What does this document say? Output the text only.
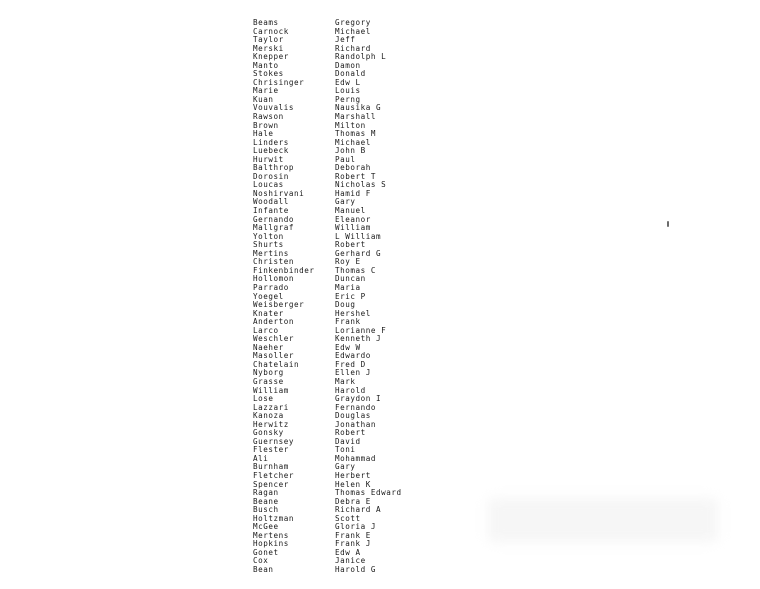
Beams	Gregory
Carnock	Michael
Taylor	Jeff
Merski	Richard
Knepper	Randolph L
Manto	Damon
Stokes	Donald
Chrisinger	Edw L
Marie	Louis
Kuan	Perng
Vouvalis	Nausika G
Rawson	Marshall
Brown	Milton
Hale	Thomas M
Linders	Michael
Luebeck	John B
Hurwit	Paul
Balthrop	Deborah
Dorosin	Robert T
Loucas	Nicholas S
Noshirvani	Hamid F
Woodall	Gary
Infante	Manuel
Gernando	Eleanor
Mallgraf	William
Yolton	L William
Shurts	Robert
Mertins	Gerhard G
Christen	Roy E
Finkenbinder	Thomas C
Hollomon	Duncan
Parrado	Maria
Yoegel	Eric P
Weisberger	Doug
Knater	Hershel
Anderton	Frank
Larco	Lorianne F
Weschler	Kenneth J
Naeher	Edw W
Masoller	Edwardo
Chatelain	Fred D
Nyborg	Ellen J
Grasse	Mark
William	Harold
Lose	Graydon I
Lazzari	Fernando
Kanoza	Douglas
Herwitz	Jonathan
Gonsky	Robert
Guernsey	David
Flester	Toni
Ali	Mohammad
Burnham	Gary
Fletcher	Herbert
Spencer	Helen K
Ragan	Thomas Edward
Beane	Debra E
Busch	Richard A
Holtzman	Scott
McGee	Gloria J
Mertens	Frank E
Hopkins	Frank J
Gonet	Edw A
Cox	Janice
Bean	Harold G
